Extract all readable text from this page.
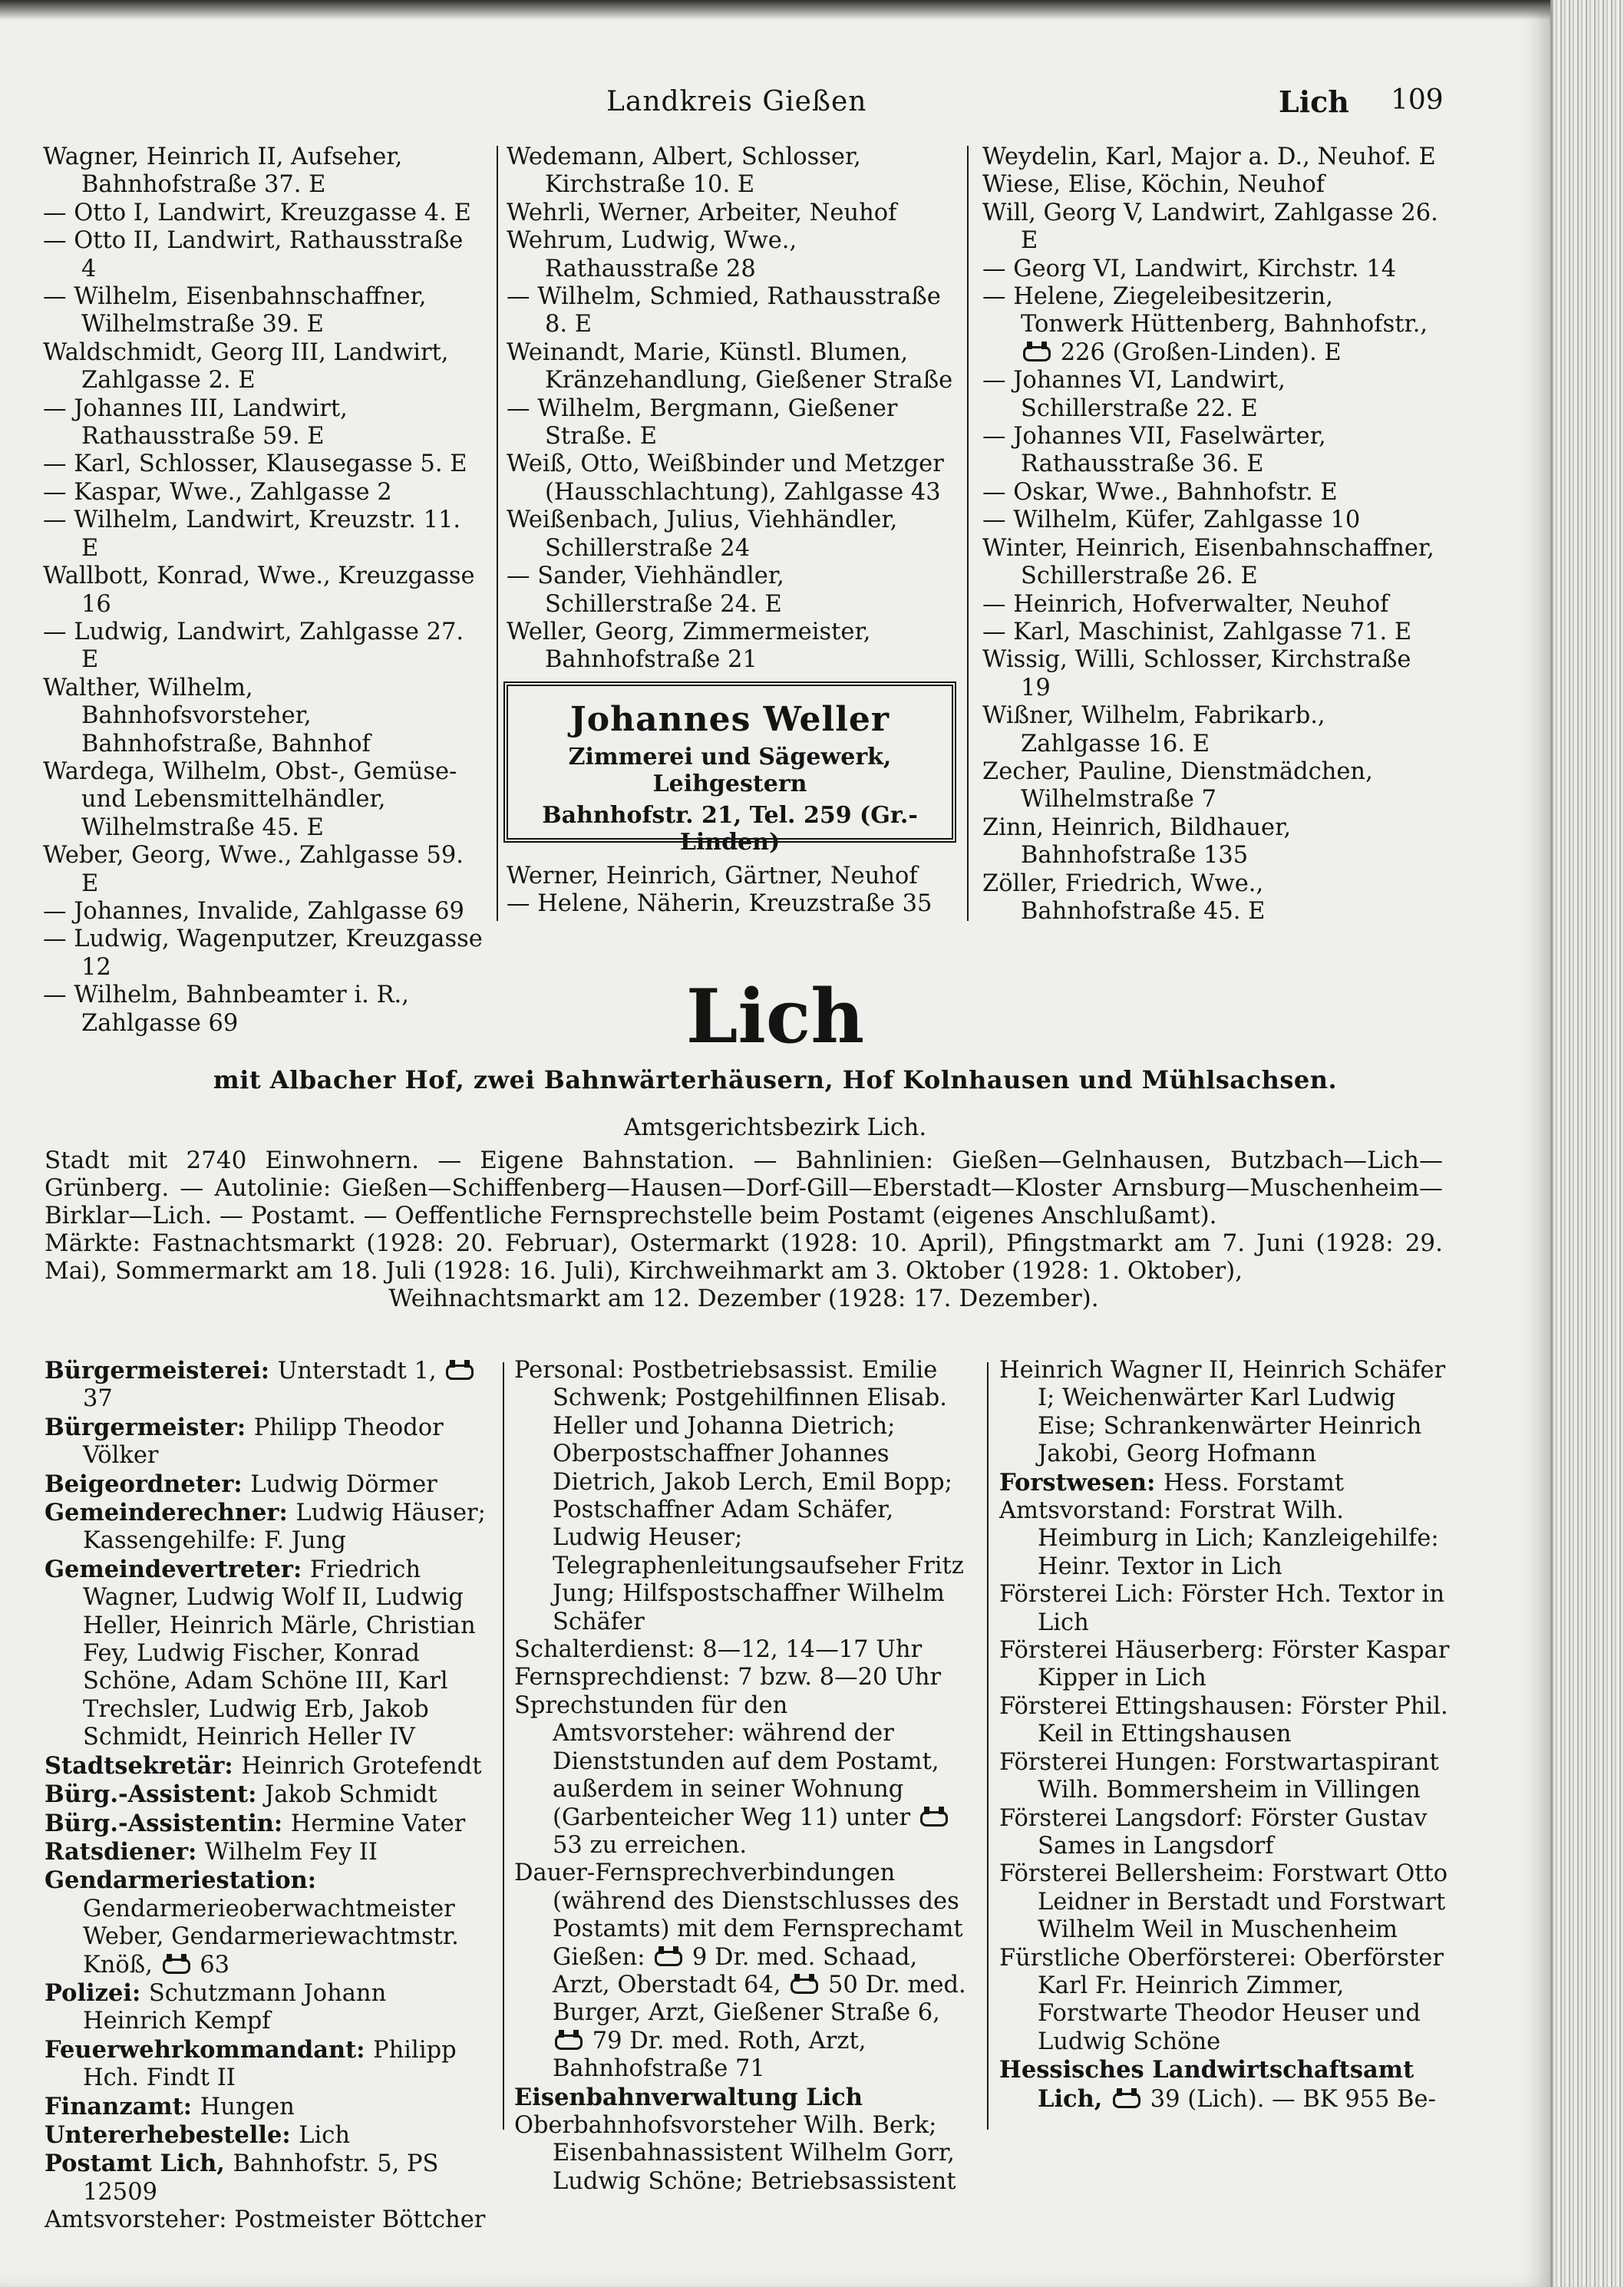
Landkreis Gießen	Lich 109

Wagner, Heinrich II, Aufseher, Bahnhofstraße 37. E

— Otto I, Landwirt, Kreuzgasse 4. E

— Otto II, Landwirt, Rathausstraße 4

— Wilhelm, Eisenbahnschaffner, Wilhelmstraße 39. E

Waldschmidt, Georg III, Landwirt, Zahlgasse 2. E

— Johannes III, Landwirt, Rathausstraße 59. E

— Karl, Schlosser, Klausegasse 5. E

— Kaspar, Wwe., Zahlgasse 2

— Wilhelm, Landwirt, Kreuzstr. 11. E

Wallbott, Konrad, Wwe., Kreuzgasse 16

— Ludwig, Landwirt, Zahlgasse 27. E

Walther, Wilhelm, Bahnhofsvorsteher, Bahnhofstraße, Bahnhof

Wardega, Wilhelm, Obst-, Gemüse- und Lebensmittelhändler, Wilhelmstraße 45. E

Weber, Georg, Wwe., Zahlgasse 59. E

— Johannes, Invalide, Zahlgasse 69

— Ludwig, Wagenputzer, Kreuzgasse 12

— Wilhelm, Bahnbeamter i. R., Zahlgasse 69

Wedemann, Albert, Schlosser, Kirchstraße 10. E

Wehrli, Werner, Arbeiter, Neuhof

Wehrum, Ludwig, Wwe., Rathausstraße 28

— Wilhelm, Schmied, Rathausstraße 8. E

Weinandt, Marie, Künstl. Blumen, Kränzehandlung, Gießener Straße

— Wilhelm, Bergmann, Gießener Straße. E

Weiß, Otto, Weißbinder und Metzger (Hausschlachtung), Zahlgasse 43

Weißenbach, Julius, Viehhändler, Schillerstraße 24

— Sander, Viehhändler, Schillerstraße 24. E

Weller, Georg, Zimmermeister, Bahnhofstraße 21

Johannes Weller
Zimmerei und Sägewerk, Leihgestern
Bahnhofstr. 21, Tel. 259 (Gr.-Linden)

Werner, Heinrich, Gärtner, Neuhof

— Helene, Näherin, Kreuzstraße 35

Weydelin, Karl, Major a. D., Neuhof. E

Wiese, Elise, Köchin, Neuhof

Will, Georg V, Landwirt, Zahlgasse 26. E

— Georg VI, Landwirt, Kirchstr. 14

— Helene, Ziegeleibesitzerin, Tonwerk Hüttenberg, Bahnhofstr.,  226 (Großen-Linden). E

— Johannes VI, Landwirt, Schillerstraße 22. E

— Johannes VII, Faselwärter, Rathausstraße 36. E

— Oskar, Wwe., Bahnhofstr. E

— Wilhelm, Küfer, Zahlgasse 10

Winter, Heinrich, Eisenbahnschaffner, Schillerstraße 26. E

— Heinrich, Hofverwalter, Neuhof

— Karl, Maschinist, Zahlgasse 71. E

Wissig, Willi, Schlosser, Kirchstraße 19

Wißner, Wilhelm, Fabrikarb., Zahlgasse 16. E

Zecher, Pauline, Dienstmädchen, Wilhelmstraße 7

Zinn, Heinrich, Bildhauer, Bahnhofstraße 135

Zöller, Friedrich, Wwe., Bahnhofstraße 45. E

Lich
mit Albacher Hof, zwei Bahnwärterhäusern, Hof Kolnhausen und Mühlsachsen.
Amtsgerichtsbezirk Lich.

Stadt mit 2740 Einwohnern. — Eigene Bahnstation. — Bahnlinien: Gießen—Gelnhausen, Butzbach—Lich—Grünberg. — Autolinie: Gießen—Schiffenberg—Hausen—Dorf-Gill—Eberstadt—Kloster Arnsburg—Muschenheim—Birklar—Lich. — Postamt. — Oeffentliche Fernsprechstelle beim Postamt (eigenes Anschlußamt).

Märkte: Fastnachtsmarkt (1928: 20. Februar), Ostermarkt (1928: 10. April), Pfingstmarkt am 7. Juni (1928: 29. Mai), Sommermarkt am 18. Juli (1928: 16. Juli), Kirchweihmarkt am 3. Oktober (1928: 1. Oktober),

Weihnachtsmarkt am 12. Dezember (1928: 17. Dezember).

Bürgermeisterei: Unterstadt 1,  37

Bürgermeister: Philipp Theodor Völker

Beigeordneter: Ludwig Dörmer

Gemeinderechner: Ludwig Häuser; Kassengehilfe: F. Jung

Gemeindevertreter: Friedrich Wagner, Ludwig Wolf II, Ludwig Heller, Heinrich Märle, Christian Fey, Ludwig Fischer, Konrad Schöne, Adam Schöne III, Karl Trechsler, Ludwig Erb, Jakob Schmidt, Heinrich Heller IV

Stadtsekretär: Heinrich Grotefendt

Bürg.-Assistent: Jakob Schmidt

Bürg.-Assistentin: Hermine Vater

Ratsdiener: Wilhelm Fey II

Gendarmeriestation: Gendarmerieoberwachtmeister Weber, Gendarmeriewachtmstr. Knöß,  63

Polizei: Schutzmann Johann Heinrich Kempf

Feuerwehrkommandant: Philipp Hch. Findt II

Finanzamt: Hungen

Untererhebestelle: Lich

Postamt Lich, Bahnhofstr. 5, PS 12509

Amtsvorsteher: Postmeister Böttcher

Personal: Postbetriebsassist. Emilie Schwenk; Postgehilfinnen Elisab. Heller und Johanna Dietrich; Oberpostschaffner Johannes Dietrich, Jakob Lerch, Emil Bopp; Postschaffner Adam Schäfer, Ludwig Heuser; Telegraphenleitungsaufseher Fritz Jung; Hilfspostschaffner Wilhelm Schäfer

Schalterdienst: 8—12, 14—17 Uhr

Fernsprechdienst: 7 bzw. 8—20 Uhr

Sprechstunden für den Amtsvorsteher: während der Dienststunden auf dem Postamt, außerdem in seiner Wohnung (Garbenteicher Weg 11) unter  53 zu erreichen.

Dauer-Fernsprechverbindungen (während des Dienstschlusses des Postamts) mit dem Fernsprechamt Gießen:  9 Dr. med. Schaad, Arzt, Oberstadt 64,  50 Dr. med. Burger, Arzt, Gießener Straße 6,  79 Dr. med. Roth, Arzt, Bahnhofstraße 71

Eisenbahnverwaltung Lich

Oberbahnhofsvorsteher Wilh. Berk; Eisenbahnassistent Wilhelm Gorr, Ludwig Schöne; Betriebsassistent

Heinrich Wagner II, Heinrich Schäfer I; Weichenwärter Karl Ludwig Eise; Schrankenwärter Heinrich Jakobi, Georg Hofmann

Forstwesen: Hess. Forstamt

Amtsvorstand: Forstrat Wilh. Heimburg in Lich; Kanzleigehilfe: Heinr. Textor in Lich

Försterei Lich: Förster Hch. Textor in Lich

Försterei Häuserberg: Förster Kaspar Kipper in Lich

Försterei Ettingshausen: Förster Phil. Keil in Ettingshausen

Försterei Hungen: Forstwartaspirant Wilh. Bommersheim in Villingen

Försterei Langsdorf: Förster Gustav Sames in Langsdorf

Försterei Bellersheim: Forstwart Otto Leidner in Berstadt und Forstwart Wilhelm Weil in Muschenheim

Fürstliche Oberförsterei: Oberförster Karl Fr. Heinrich Zimmer, Forstwarte Theodor Heuser und Ludwig Schöne

Hessisches Landwirtschaftsamt Lich,  39 (Lich). — BK 955 Be-
